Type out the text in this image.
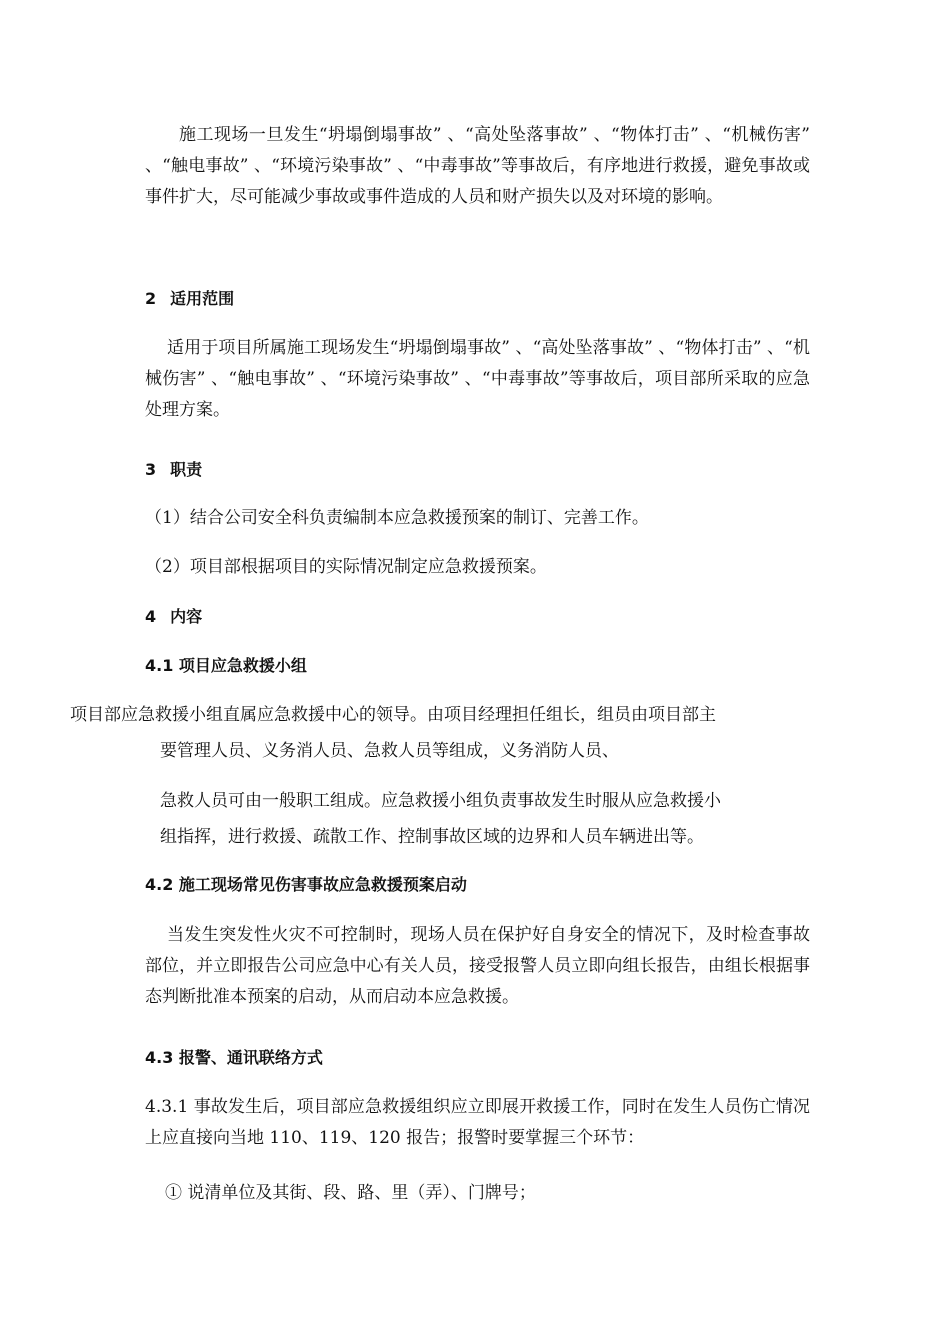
施工现场一旦发生“坍塌倒塌事故” 、“高处坠落事故” 、“物体打击” 、“机械伤害” 、“触电事故” 、“环境污染事故” 、“中毒事故”等事故后，有序地进行救援，避免事故或事件扩大，尽可能减少事故或事件造成的人员和财产损失以及对环境的影响。

2 适用范围

适用于项目所属施工现场发生“坍塌倒塌事故” 、“高处坠落事故” 、“物体打击” 、“机械伤害” 、“触电事故” 、“环境污染事故” 、“中毒事故”等事故后，项目部所采取的应急处理方案。

3 职责

（1）结合公司安全科负责编制本应急救援预案的制订、完善工作。

（2）项目部根据项目的实际情况制定应急救援预案。

4 内容
4.1 项目应急救援小组

项目部应急救援小组直属应急救援中心的领导。由项目经理担任组长，组员由项目部主

要管理人员、义务消人员、急救人员等组成，义务消防人员、

急救人员可由一般职工组成。应急救援小组负责事故发生时服从应急救援小

组指挥，进行救援、疏散工作、控制事故区域的边界和人员车辆进出等。

4.2 施工现场常见伤害事故应急救援预案启动

当发生突发性火灾不可控制时，现场人员在保护好自身安全的情况下，及时检查事故部位，并立即报告公司应急中心有关人员，接受报警人员立即向组长报告，由组长根据事态判断批准本预案的启动，从而启动本应急救援。

4.3 报警、通讯联络方式

4.3.1 事故发生后，项目部应急救援组织应立即展开救援工作，同时在发生人员伤亡情况上应直接向当地 110、119、120 报告；报警时要掌握三个环节：

① 说清单位及其街、段、路、里（弄）、门牌号；
